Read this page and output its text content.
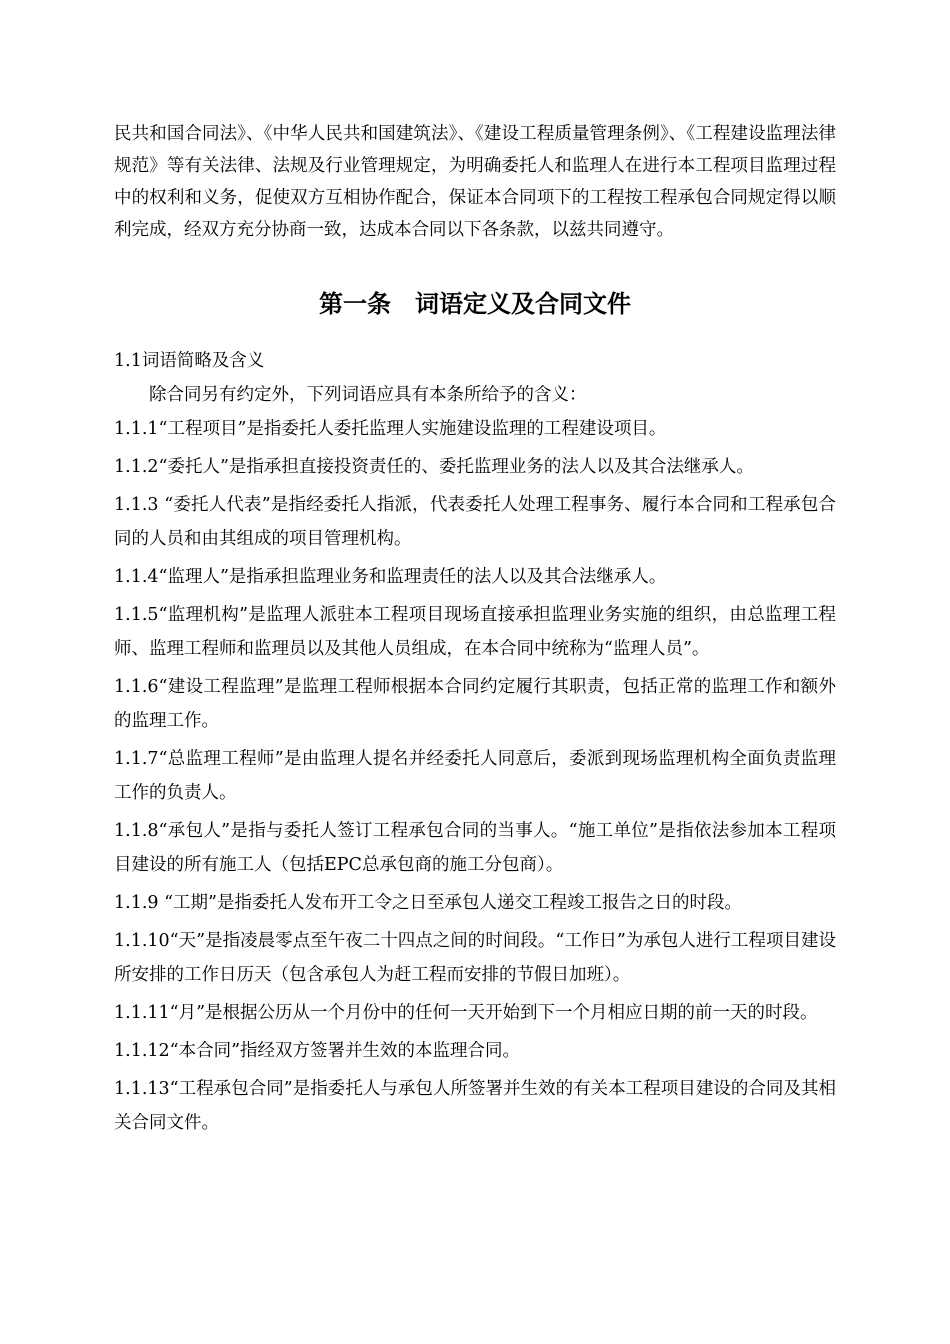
民共和国合同法》、《中华人民共和国建筑法》、《建设工程质量管理条例》、《工程建设监理法律规范》等有关法律、法规及行业管理规定，为明确委托人和监理人在进行本工程项目监理过程中的权利和义务，促使双方互相协作配合，保证本合同项下的工程按工程承包合同规定得以顺利完成，经双方充分协商一致，达成本合同以下各条款，以兹共同遵守。

第一条　词语定义及合同文件

1.1词语简略及含义

除合同另有约定外，下列词语应具有本条所给予的含义：

1.1.1“工程项目”是指委托人委托监理人实施建设监理的工程建设项目。

1.1.2“委托人”是指承担直接投资责任的、委托监理业务的法人以及其合法继承人。

1.1.3 “委托人代表”是指经委托人指派，代表委托人处理工程事务、履行本合同和工程承包合同的人员和由其组成的项目管理机构。

1.1.4“监理人”是指承担监理业务和监理责任的法人以及其合法继承人。

1.1.5“监理机构”是监理人派驻本工程项目现场直接承担监理业务实施的组织，由总监理工程师、监理工程师和监理员以及其他人员组成，在本合同中统称为“监理人员”。

1.1.6“建设工程监理”是监理工程师根据本合同约定履行其职责，包括正常的监理工作和额外的监理工作。

1.1.7“总监理工程师”是由监理人提名并经委托人同意后，委派到现场监理机构全面负责监理工作的负责人。

1.1.8“承包人”是指与委托人签订工程承包合同的当事人。“施工单位”是指依法参加本工程项目建设的所有施工人（包括EPC总承包商的施工分包商）。

1.1.9 “工期”是指委托人发布开工令之日至承包人递交工程竣工报告之日的时段。

1.1.10“天”是指凌晨零点至午夜二十四点之间的时间段。“工作日”为承包人进行工程项目建设所安排的工作日历天（包含承包人为赶工程而安排的节假日加班）。

1.1.11“月”是根据公历从一个月份中的任何一天开始到下一个月相应日期的前一天的时段。

1.1.12“本合同”指经双方签署并生效的本监理合同。

1.1.13“工程承包合同”是指委托人与承包人所签署并生效的有关本工程项目建设的合同及其相关合同文件。
